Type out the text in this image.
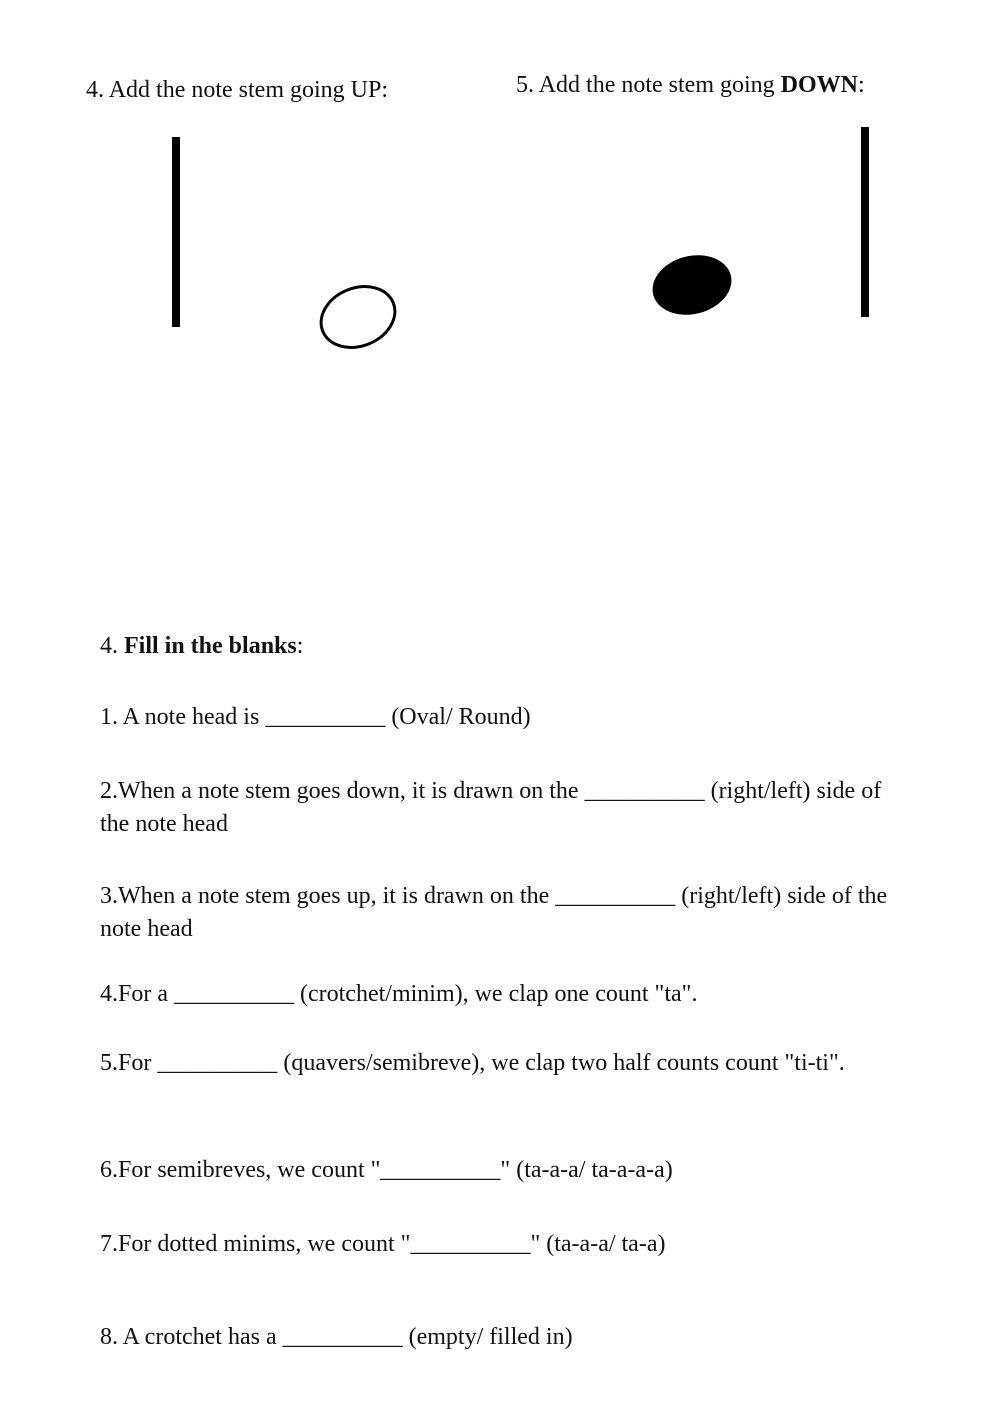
4. Add the note stem going UP:	5. Add the note stem going DOWN:

4. Fill in the blanks:

1. A note head is __________ (Oval/ Round)

2.When a note stem goes down, it is drawn on the __________ (right/left) side of the note head

3.When a note stem goes up, it is drawn on the __________ (right/left) side of the note head

4.For a __________ (crotchet/minim), we clap one count "ta".

5.For __________ (quavers/semibreve), we clap two half counts count "ti-ti".

6.For semibreves, we count "__________" (ta-a-a/ ta-a-a-a)

7.For dotted minims, we count "__________" (ta-a-a/ ta-a)

8. A crotchet has a __________ (empty/ filled in)
